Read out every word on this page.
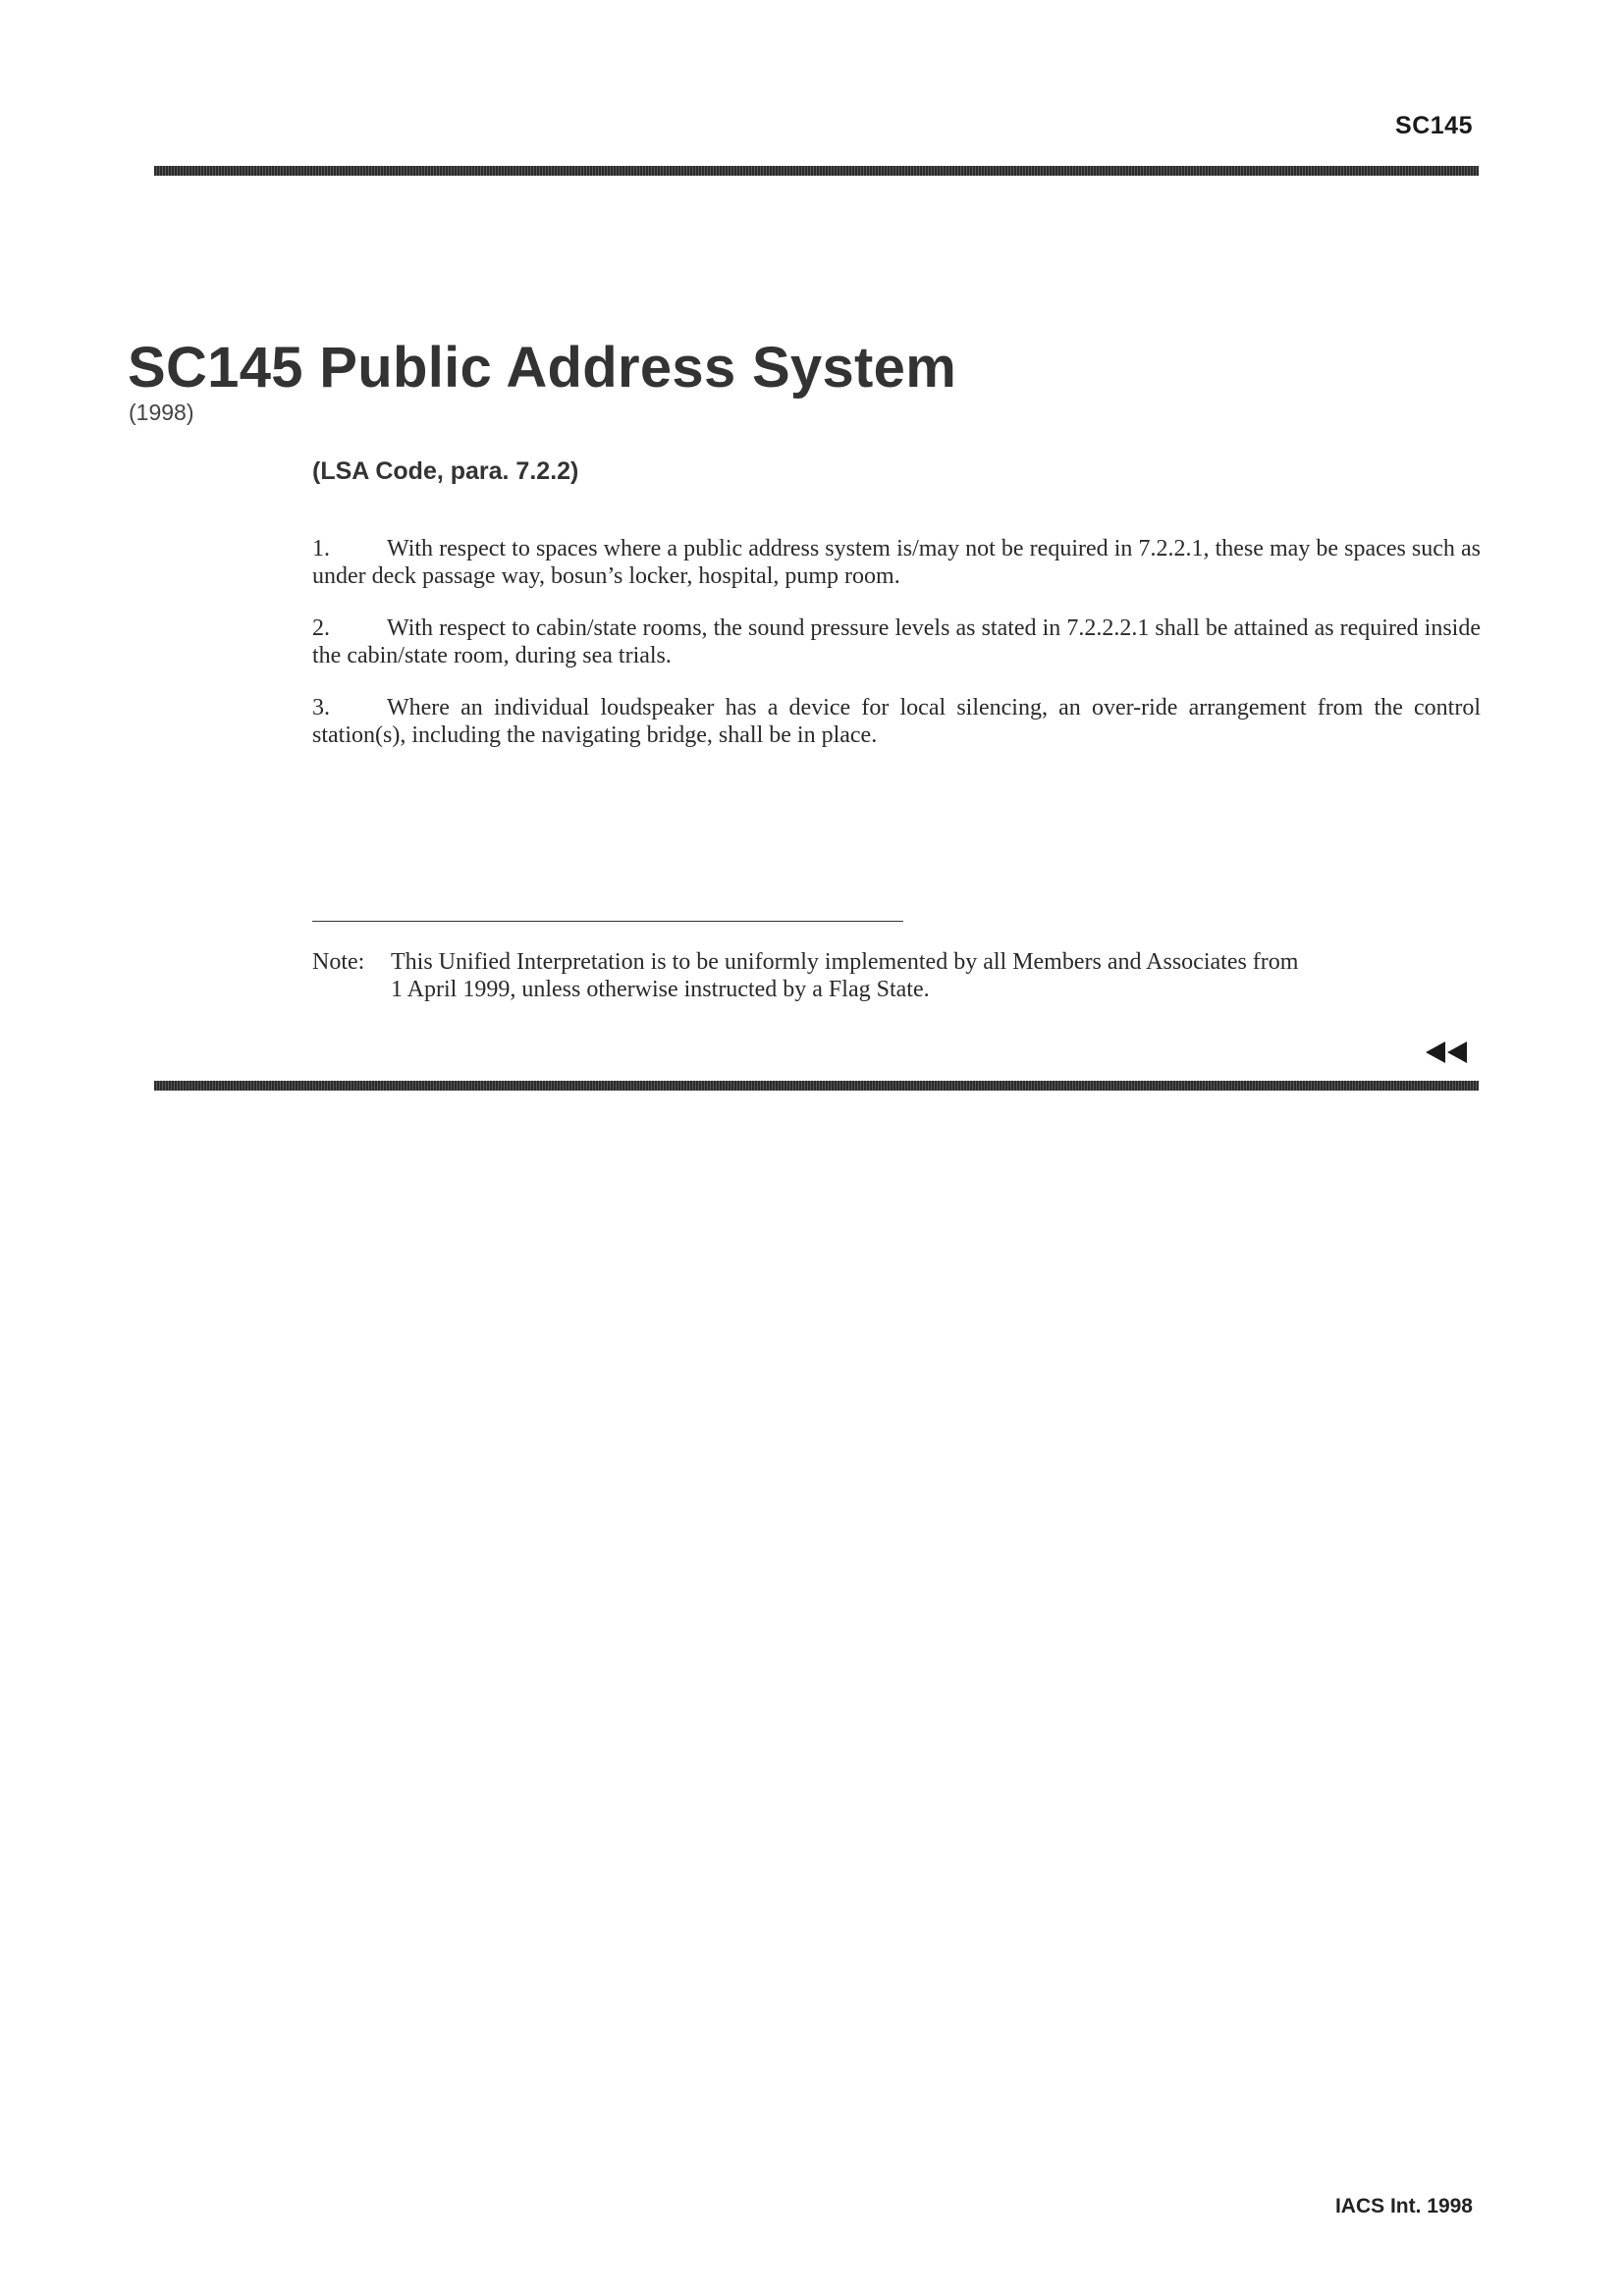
SC145
SC145 Public Address System
(1998)
(LSA Code, para. 7.2.2)

1. With respect to spaces where a public address system is/may not be required in 7.2.2.1, these may be spaces such as under deck passage way, bosun’s locker, hospital, pump room.

2. With respect to cabin/state rooms, the sound pressure levels as stated in 7.2.2.2.1 shall be attained as required inside the cabin/state room, during sea trials.

3. Where an individual loudspeaker has a device for local silencing, an over-ride arrangement from the control station(s), including the navigating bridge, shall be in place.

Note: This Unified Interpretation is to be uniformly implemented by all Members and Associates from
1 April 1999, unless otherwise instructed by a Flag State.
IACS Int. 1998
